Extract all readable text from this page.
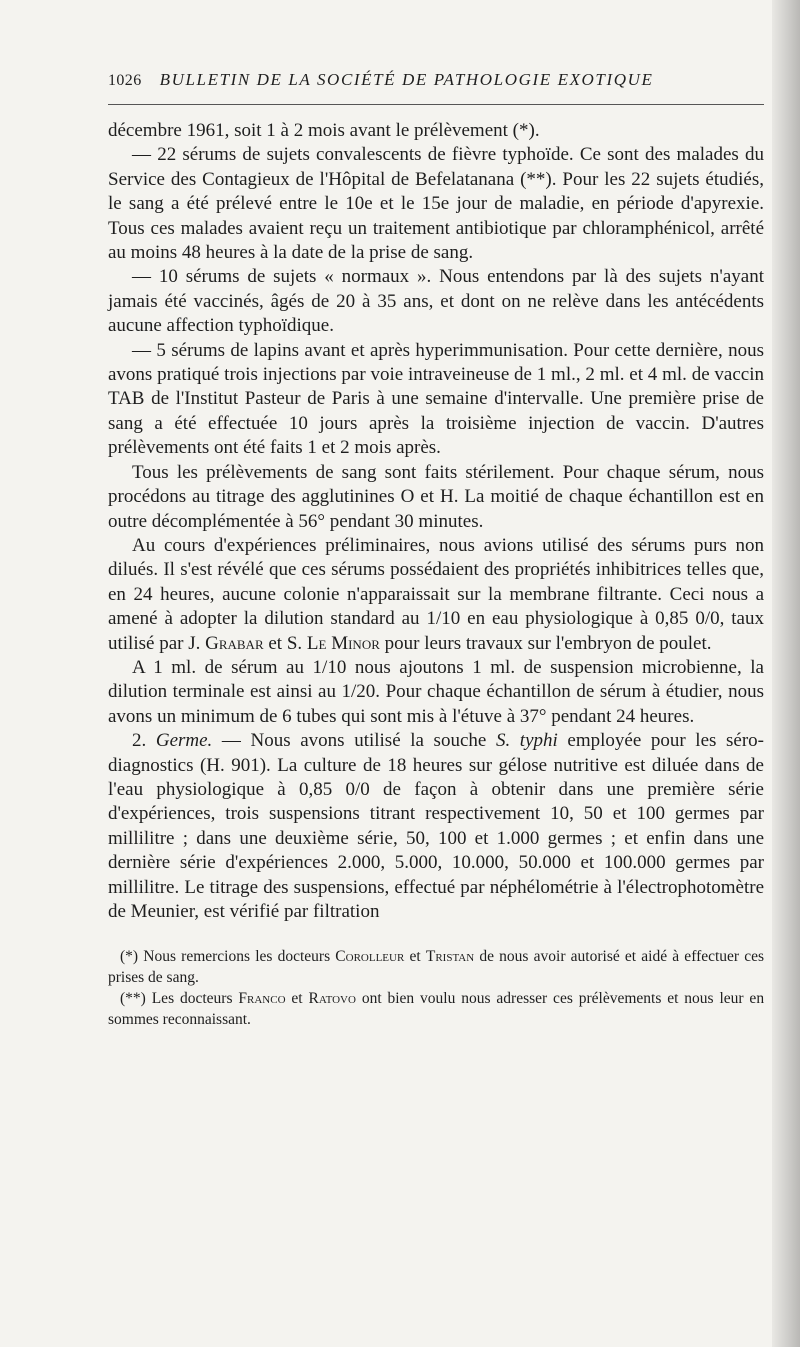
1026 BULLETIN DE LA SOCIÉTÉ DE PATHOLOGIE EXOTIQUE

décembre 1961, soit 1 à 2 mois avant le prélèvement (*).

— 22 sérums de sujets convalescents de fièvre typhoïde. Ce sont des malades du Service des Contagieux de l'Hôpital de Befelatanana (**). Pour les 22 sujets étudiés, le sang a été prélevé entre le 10e et le 15e jour de maladie, en période d'apyrexie. Tous ces malades avaient reçu un traitement antibiotique par chloramphénicol, arrêté au moins 48 heures à la date de la prise de sang.

— 10 sérums de sujets « normaux ». Nous entendons par là des sujets n'ayant jamais été vaccinés, âgés de 20 à 35 ans, et dont on ne relève dans les antécédents aucune affection typhoïdique.

— 5 sérums de lapins avant et après hyperimmunisation. Pour cette dernière, nous avons pratiqué trois injections par voie intraveineuse de 1 ml., 2 ml. et 4 ml. de vaccin TAB de l'Institut Pasteur de Paris à une semaine d'intervalle. Une première prise de sang a été effectuée 10 jours après la troisième injection de vaccin. D'autres prélèvements ont été faits 1 et 2 mois après.

Tous les prélèvements de sang sont faits stérilement. Pour chaque sérum, nous procédons au titrage des agglutinines O et H. La moitié de chaque échantillon est en outre décomplémentée à 56° pendant 30 minutes.

Au cours d'expériences préliminaires, nous avions utilisé des sérums purs non dilués. Il s'est révélé que ces sérums possédaient des propriétés inhibitrices telles que, en 24 heures, aucune colonie n'apparaissait sur la membrane filtrante. Ceci nous a amené à adopter la dilution standard au 1/10 en eau physiologique à 0,85 0/0, taux utilisé par J. Grabar et S. Le Minor pour leurs travaux sur l'embryon de poulet.

A 1 ml. de sérum au 1/10 nous ajoutons 1 ml. de suspension microbienne, la dilution terminale est ainsi au 1/20. Pour chaque échantillon de sérum à étudier, nous avons un minimum de 6 tubes qui sont mis à l'étuve à 37° pendant 24 heures.

2. Germe. — Nous avons utilisé la souche S. typhi employée pour les séro-diagnostics (H. 901). La culture de 18 heures sur gélose nutritive est diluée dans de l'eau physiologique à 0,85 0/0 de façon à obtenir dans une première série d'expériences, trois suspensions titrant respectivement 10, 50 et 100 germes par millilitre ; dans une deuxième série, 50, 100 et 1.000 germes ; et enfin dans une dernière série d'expériences 2.000, 5.000, 10.000, 50.000 et 100.000 germes par millilitre. Le titrage des suspensions, effectué par néphélométrie à l'électrophotomètre de Meunier, est vérifié par filtration

(*) Nous remercions les docteurs Corolleur et Tristan de nous avoir autorisé et aidé à effectuer ces prises de sang.

(**) Les docteurs Franco et Ratovo ont bien voulu nous adresser ces prélèvements et nous leur en sommes reconnaissant.
